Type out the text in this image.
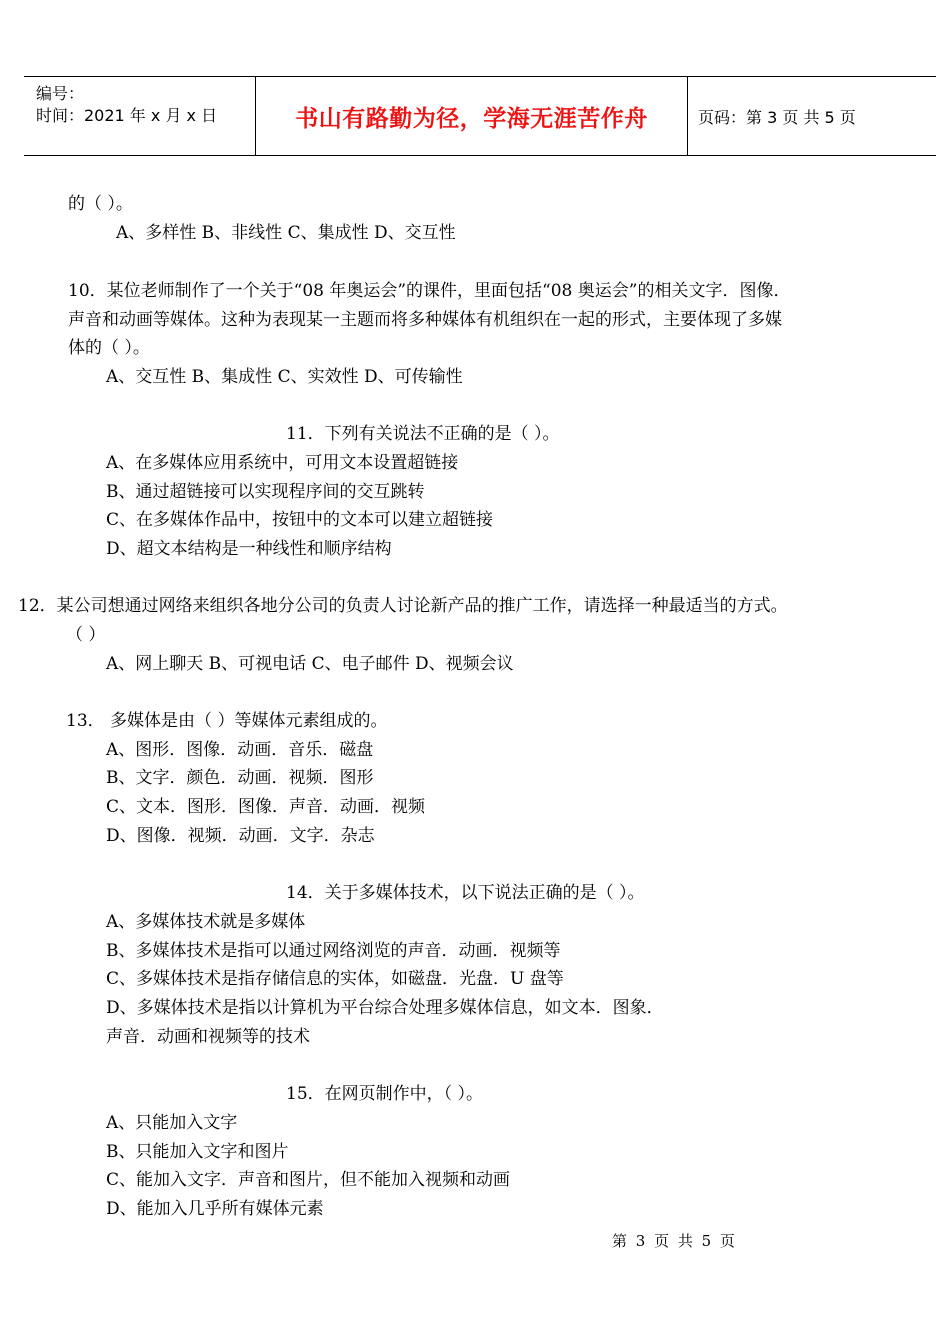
编号：
时间：2021 年 x 月 x 日	书山有路勤为径，学海无涯苦作舟	页码：第 3 页 共 5 页
的（ ）。
A、多样性 B、非线性 C、集成性 D、交互性
10．某位老师制作了一个关于“08 年奥运会”的课件，里面包括“08 奥运会”的相关文字．图像．
声音和动画等媒体。这种为表现某一主题而将多种媒体有机组织在一起的形式，主要体现了多媒
体的（ ）。
A、交互性 B、集成性 C、实效性 D、可传输性
11．下列有关说法不正确的是（ ）。
A、在多媒体应用系统中，可用文本设置超链接
B、通过超链接可以实现程序间的交互跳转
C、在多媒体作品中，按钮中的文本可以建立超链接
D、超文本结构是一种线性和顺序结构
12．某公司想通过网络来组织各地分公司的负责人讨论新产品的推广工作，请选择一种最适当的方式。
（ ）
A、网上聊天 B、可视电话 C、电子邮件 D、视频会议
13． 多媒体是由（ ）等媒体元素组成的。
A、图形．图像．动画．音乐．磁盘
B、文字．颜色．动画．视频．图形
C、文本．图形．图像．声音．动画．视频
D、图像．视频．动画．文字．杂志
14．关于多媒体技术，以下说法正确的是（ ）。
A、多媒体技术就是多媒体
B、多媒体技术是指可以通过网络浏览的声音．动画．视频等
C、多媒体技术是指存储信息的实体，如磁盘．光盘．U 盘等
D、多媒体技术是指以计算机为平台综合处理多媒体信息，如文本．图象．
声音．动画和视频等的技术
15．在网页制作中，（ ）。
A、只能加入文字
B、只能加入文字和图片
C、能加入文字．声音和图片，但不能加入视频和动画
D、能加入几乎所有媒体元素
第 3 页 共 5 页
